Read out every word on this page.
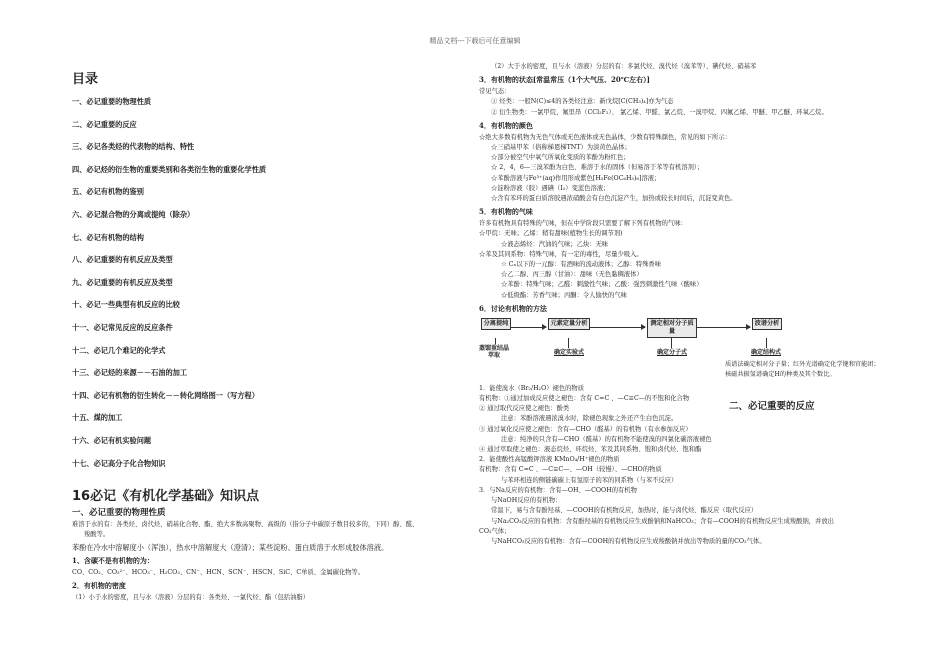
精品文档---下载后可任意编辑
目录
一、必记重要的物理性质
二、必记重要的反应
三、必记各类烃的代表物的结构、特性
四、必记烃的衍生物的重要类别和各类衍生物的重要化学性质
五、必记有机物的鉴别
六、必记混合物的分离或提纯（除杂）
七、必记有机物的结构
八、必记重要的有机反应及类型
九、必记重要的有机反应及类型
十、必记一些典型有机反应的比较
十一、必记常见反应的反应条件
十二、必记几个难记的化学式
十三、必记烃的来源－－石油的加工
十四、必记有机物的衍生转化－－转化网络图一（写方程）
十五、煤的加工
十六、必记有机实验问题
十七、必记高分子化合物知识
16必记《有机化学基础》知识点
一、必记重要的物理性质

难溶于水的有：各类烃、卤代烃、硝基化合物、酯、绝大多数高聚物、高级的（指分子中碳原子数目较多的，下同）醇、醛、

羧酸等。

苯酚在冷水中溶解度小（浑浊），热水中溶解度大（澄清）；某些淀粉、蛋白质溶于水形成胶体溶液。

1、含碳不是有机物的为：

CO、CO₂、CO₃²⁻、HCO₃⁻、H₂CO₃、CN⁻、HCN、SCN⁻、HSCN、SiC、C单质、金属碳化物等。

2．有机物的密度

（1）小于水的密度，且与水（溶液）分层的有：各类烃、一氯代烃、酯（包括油脂）

（2）大于水的密度，且与水（溶液）分层的有：多氯代烃、溴代烃（溴苯等）、碘代烃、硝基苯

3．有机物的状态[常温常压（1个大气压、20℃左右）]

常见气态：

① 烃类：一般N(C)≤4的各类烃注意：新戊烷[C(CH₃)₄]亦为气态

② 衍生物类：一氯甲烷、氟里昂（CCl₂F₂）、 氯乙烯、甲醛、氯乙烷、一溴甲烷、四氟乙烯、甲醚、甲乙醚、环氧乙烷。

4．有机物的颜色

☆绝大多数有机物为无色气体或无色液体或无色晶体，少数有特殊颜色，常见的如下所示：

☆三硝基甲苯（俗称梯恩梯TNT）为淡黄色晶体；

☆部分被空气中氧气所氧化变质的苯酚为粉红色；

☆ 2，4，6—三溴苯酚为白色、难溶于水的固体（但易溶于苯等有机溶剂）；

☆苯酚溶液与Fe³⁺(aq)作用形成紫色[H₃Fe(OC₆H₅)₆]溶液；

☆淀粉溶液（胶）遇碘（I₂）变蓝色溶液；

☆含有苯环的蛋白质溶胶遇浓硝酸会有白色沉淀产生，加热或较长时间后，沉淀变黄色。

5．有机物的气味

许多有机物具有特殊的气味，但在中学阶段只需要了解下列有机物的气味：

☆甲烷：无味；乙烯：稍有甜味(植物生长的调节剂)

☆液态烯烃：汽油的气味；乙炔：无味

☆苯及其同系物：特殊气味，有一定的毒性，尽量少吸入。

☆ Cₙ以下的一元醇：有酒味的流动液体；乙醇：特殊香味

☆乙二醇、丙三醇（甘油）：甜味（无色黏稠液体）

☆苯酚：特殊气味；乙醛：刺激性气味；乙酸：强烈刺激性气味（酸味）

☆低级酯：芳香气味；丙酮：令人愉快的气味

6．讨论有机物的方法
分离提纯	元素定量分析	测定相对分子质量
波谱分析
蒸馏重结晶萃取	确定实验式	确定分子式	确定结构式
质谱法确定相对分子量；红外光谱确定化学键和官能团；核磁共振氢谱确定H的种类及其个数比。
二、必记重要的反应

1．能使溴水（Br₂/H₂O）褪色的物质

有机物：①通过加成反应使之褪色：含有 C=C 、—C≡C—的不饱和化合物

② 通过取代反应使之褪色：酚类

注意：苯酚溶液遇浓溴水时，除褪色现象之外还产生白色沉淀。

③ 通过氧化反应使之褪色：含有—CHO（醛基）的有机物（有水参加反应）

注意：纯净的只含有—CHO（醛基）的有机物不能使溴的四氯化碳溶液褪色

④ 通过萃取使之褪色：液态烷烃、环烷烃、苯及其同系物、饱和卤代烃、饱和酯

2．能使酸性高锰酸钾溶液 KMnO₄/H⁺褪色的物质

有机物：含有 C=C 、—C≡C—、—OH（较慢）、—CHO的物质

与苯环相连的侧链碳碳上有氢原子的苯的同系物（与苯不反应）

3．与Na反应的有机物：含有—OH、—COOH的有机物

与NaOH反应的有机物：

常温下，易与含有酚羟基、—COOH的有机物反应，加热时，能与卤代烃、酯反应（取代反应）

与Na₂CO₃反应的有机物：含有酚羟基的有机物反应生成酚钠和NaHCO₃；含有—COOH的有机物反应生成羧酸钠，并放出

CO₂气体；

与NaHCO₃反应的有机物：含有—COOH的有机物反应生成羧酸钠并放出等物质的量的CO₂气体。
